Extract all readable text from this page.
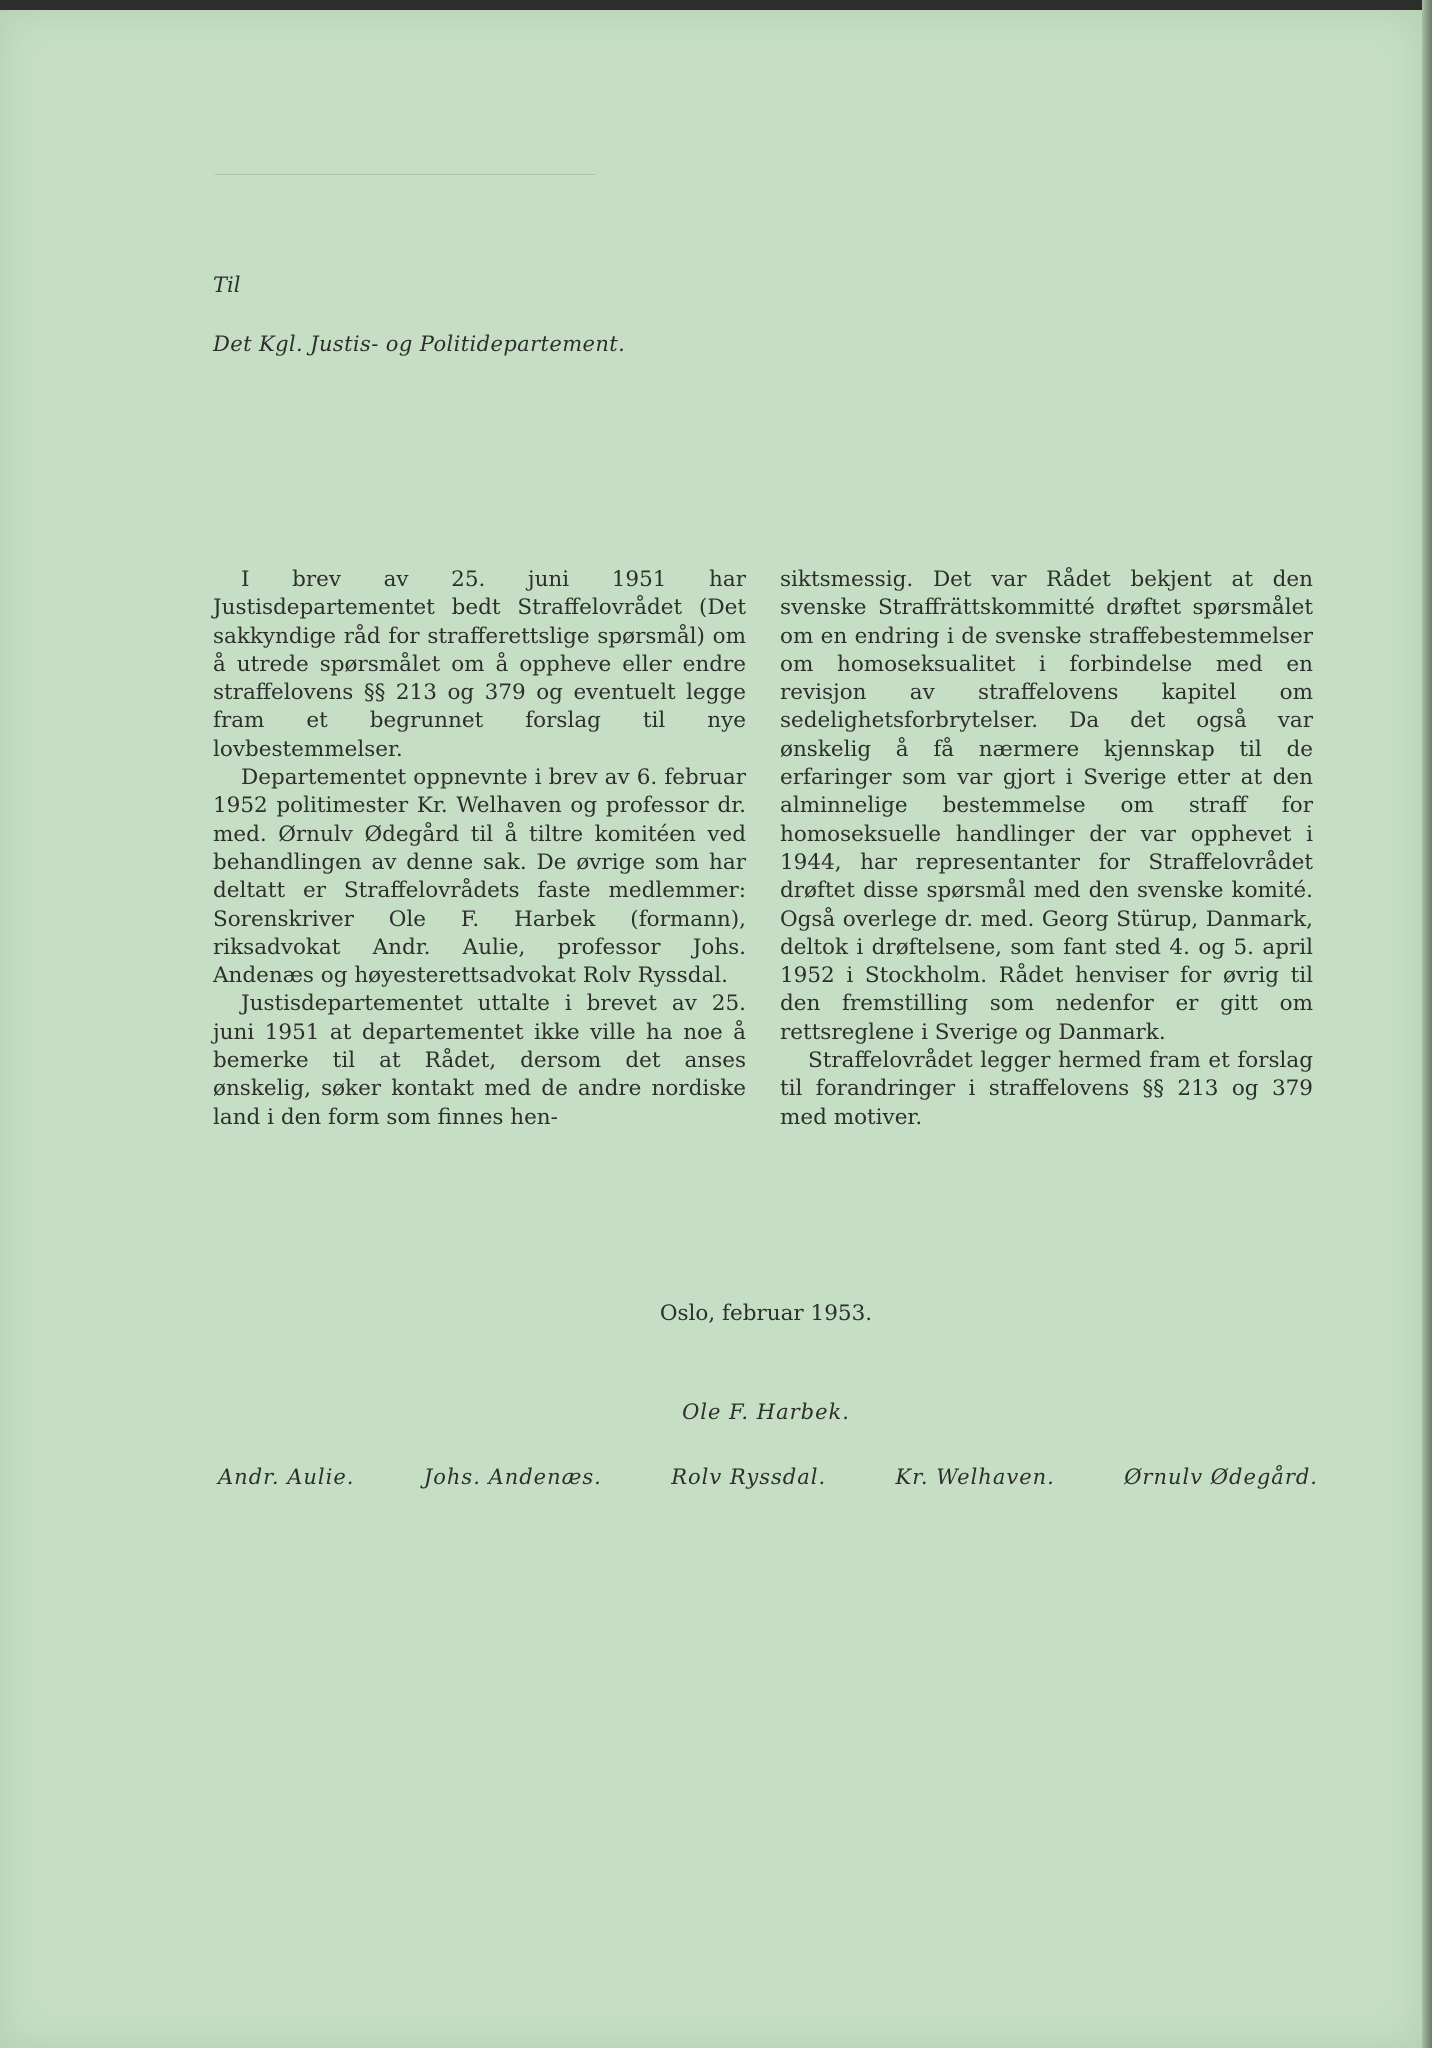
Til
Det Kgl. Justis- og Politidepartement.

I brev av 25. juni 1951 har Justisdepartementet bedt Straffelovrådet (Det sakkyndige råd for strafferettslige spørsmål) om å utrede spørsmålet om å oppheve eller endre straffelovens §§ 213 og 379 og eventuelt legge fram et begrunnet forslag til nye lovbestemmelser.

Departementet oppnevnte i brev av 6. februar 1952 politimester Kr. Welhaven og professor dr. med. Ørnulv Ødegård til å tiltre komitéen ved behandlingen av denne sak. De øvrige som har deltatt er Straffelovrådets faste medlemmer: Sorenskriver Ole F. Harbek (formann), riksadvokat Andr. Aulie, professor Johs. Andenæs og høyesterettsadvokat Rolv Ryssdal.

Justisdepartementet uttalte i brevet av 25. juni 1951 at departementet ikke ville ha noe å bemerke til at Rådet, dersom det anses ønskelig, søker kontakt med de andre nordiske land i den form som finnes hen-

siktsmessig. Det var Rådet bekjent at den svenske Straffrättskommitté drøftet spørsmålet om en endring i de svenske straffebestemmelser om homoseksualitet i forbindelse med en revisjon av straffelovens kapitel om sedelighetsforbrytelser. Da det også var ønskelig å få nærmere kjennskap til de erfaringer som var gjort i Sverige etter at den alminnelige bestemmelse om straff for homoseksuelle handlinger der var opphevet i 1944, har representanter for Straffelovrådet drøftet disse spørsmål med den svenske komité. Også overlege dr. med. Georg Stürup, Danmark, deltok i drøftelsene, som fant sted 4. og 5. april 1952 i Stockholm. Rådet henviser for øvrig til den fremstilling som nedenfor er gitt om rettsreglene i Sverige og Danmark.

Straffelovrådet legger hermed fram et forslag til forandringer i straffelovens §§ 213 og 379 med motiver.

Oslo, februar 1953.
Ole F. Harbek.
Andr. Aulie.	Johs. Andenæs.	Rolv Ryssdal.	Kr. Welhaven.	Ørnulv Ødegård.
